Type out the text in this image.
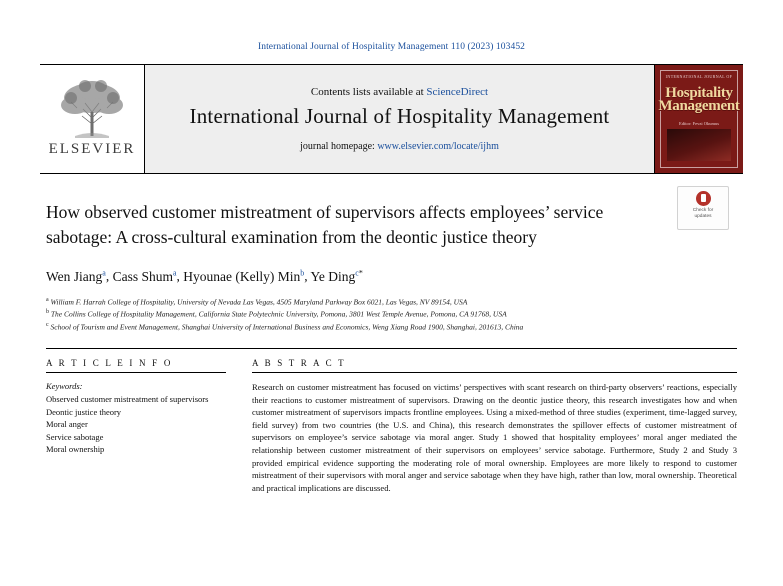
International Journal of Hospitality Management 110 (2023) 103452
ELSEVIER
Contents lists available at ScienceDirect
International Journal of Hospitality Management
journal homepage: www.elsevier.com/locate/ijhm
INTERNATIONAL JOURNAL OF
Hospitality Management
Editor: Fevzi Okumus
How observed customer mistreatment of supervisors affects employees’ service sabotage: A cross-cultural examination from the deontic justice theory
Check for
updates
Wen Jiang$^a$, Cass Shum$^a$, Hyounae (Kelly) Min$^b$, Ye Ding$^{c*}$
$^a$ William F. Harrah College of Hospitality, University of Nevada Las Vegas, 4505 Maryland Parkway Box 6021, Las Vegas, NV 89154, USA
$^b$ The Collins College of Hospitality Management, California State Polytechnic University, Pomona, 3801 West Temple Avenue, Pomona, CA 91768, USA
$^c$ School of Tourism and Event Management, Shanghai University of International Business and Economics, Weng Xiang Road 1900, Shanghai, 201613, China
A R T I C L E I N F O
Keywords:
Observed customer mistreatment of supervisors
Deontic justice theory
Moral anger
Service sabotage
Moral ownership
A B S T R A C T

Research on customer mistreatment has focused on victims’ perspectives with scant research on third-party observers’ reactions, especially their reactions to customer mistreatment of supervisors. Drawing on the deontic justice theory, this research investigates how and when customer mistreatment of supervisors impacts frontline employees. Using a mixed-method of three studies (experiment, time-lagged survey, field survey) from two countries (the U.S. and China), this research demonstrates the spillover effects of customer mistreatment of supervisors on employee’s service sabotage via moral anger. Study 1 showed that hospitality employees’ moral anger mediated the relationship between customer mistreatment of their supervisors on employees’ service sabotage. Furthermore, Study 2 and Study 3 provided empirical evidence supporting the moderating role of moral ownership. Employees are more likely to respond to customer mistreatment of their supervisors with moral anger and service sabotage when they have high, rather than low, moral ownership. Theoretical and practical implications are discussed.
